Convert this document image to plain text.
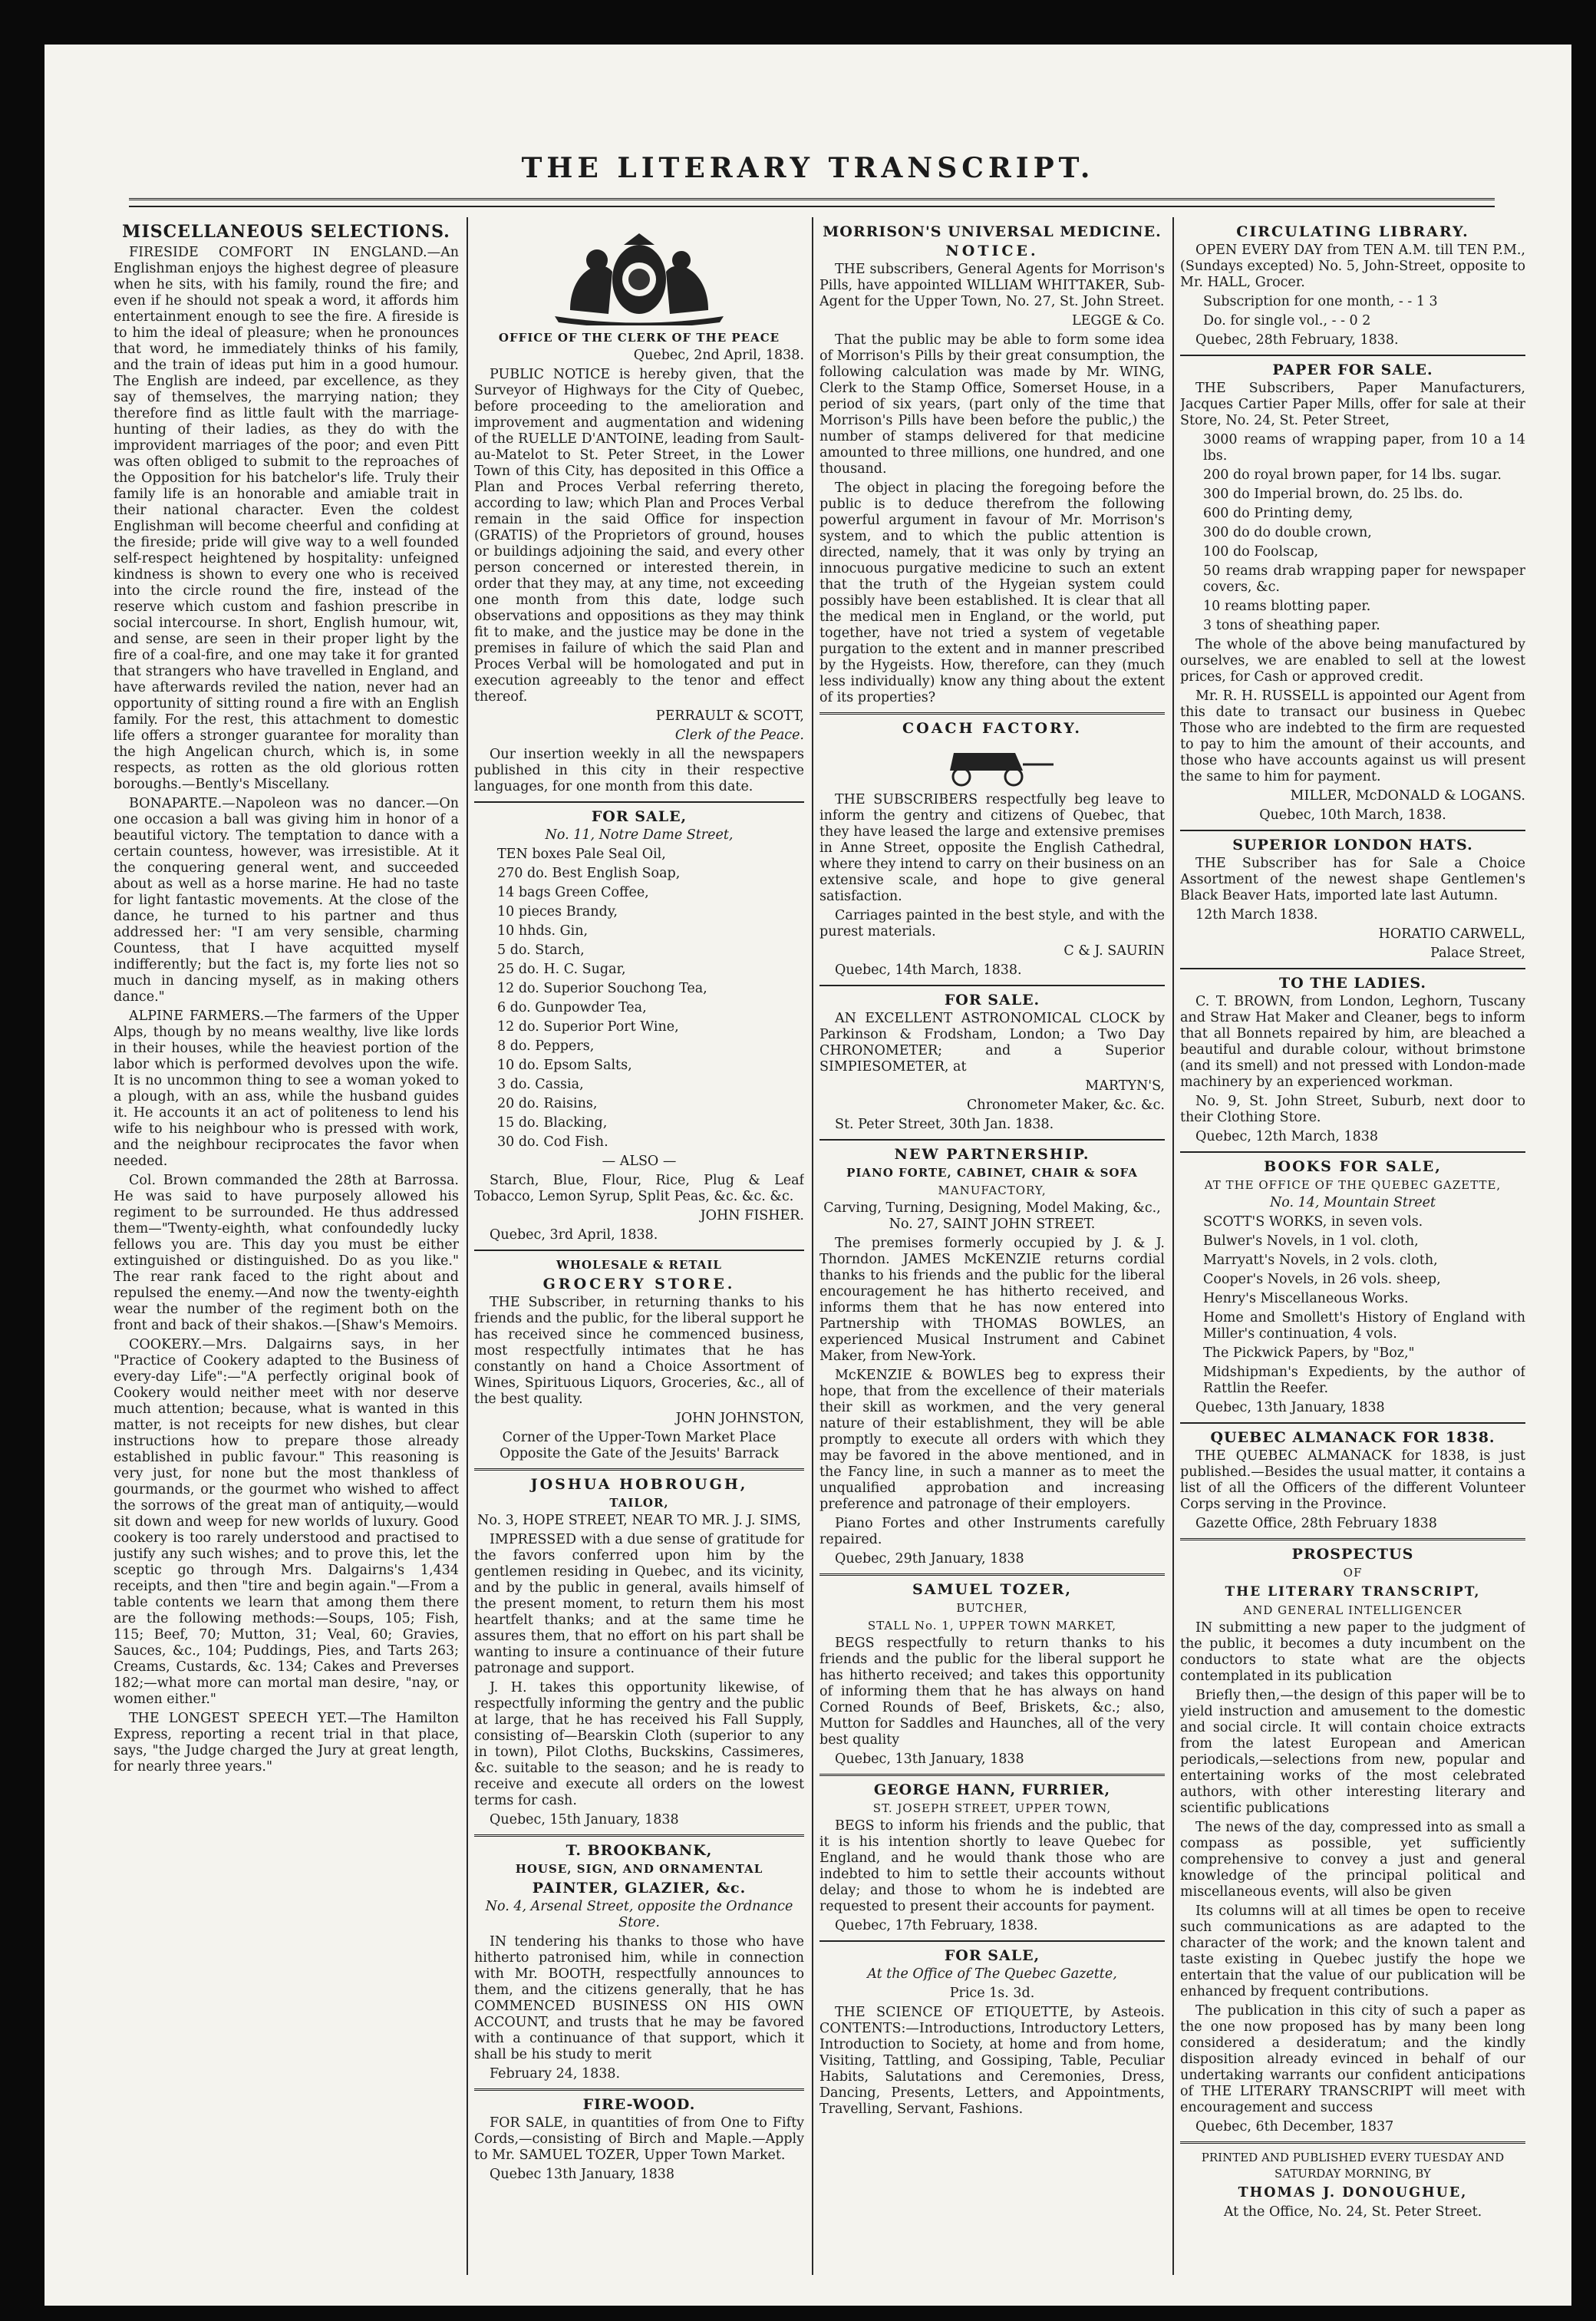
THE LITERARY TRANSCRIPT.
MISCELLANEOUS SELECTIONS.

FIRESIDE COMFORT IN ENGLAND.—An Englishman enjoys the highest degree of pleasure when he sits, with his family, round the fire; and even if he should not speak a word, it affords him entertainment enough to see the fire. A fireside is to him the ideal of pleasure; when he pronounces that word, he immediately thinks of his family, and the train of ideas put him in a good humour. The English are indeed, par excellence, as they say of themselves, the marrying nation; they therefore find as little fault with the marriage-hunting of their ladies, as they do with the improvident marriages of the poor; and even Pitt was often obliged to submit to the reproaches of the Opposition for his batchelor's life. Truly their family life is an honorable and amiable trait in their national character. Even the coldest Englishman will become cheerful and confiding at the fireside; pride will give way to a well founded self-respect heightened by hospitality: unfeigned kindness is shown to every one who is received into the circle round the fire, instead of the reserve which custom and fashion prescribe in social intercourse. In short, English humour, wit, and sense, are seen in their proper light by the fire of a coal-fire, and one may take it for granted that strangers who have travelled in England, and have afterwards reviled the nation, never had an opportunity of sitting round a fire with an English family. For the rest, this attachment to domestic life offers a stronger guarantee for morality than the high Angelican church, which is, in some respects, as rotten as the old glorious rotten boroughs.—Bently's Miscellany.

BONAPARTE.—Napoleon was no dancer.—On one occasion a ball was giving him in honor of a beautiful victory. The temptation to dance with a certain countess, however, was irresistible. At it the conquering general went, and succeeded about as well as a horse marine. He had no taste for light fantastic movements. At the close of the dance, he turned to his partner and thus addressed her: "I am very sensible, charming Countess, that I have acquitted myself indifferently; but the fact is, my forte lies not so much in dancing myself, as in making others dance."

ALPINE FARMERS.—The farmers of the Upper Alps, though by no means wealthy, live like lords in their houses, while the heaviest portion of the labor which is performed devolves upon the wife. It is no uncommon thing to see a woman yoked to a plough, with an ass, while the husband guides it. He accounts it an act of politeness to lend his wife to his neighbour who is pressed with work, and the neighbour reciprocates the favor when needed.

Col. Brown commanded the 28th at Barrossa. He was said to have purposely allowed his regiment to be surrounded. He thus addressed them—"Twenty-eighth, what confoundedly lucky fellows you are. This day you must be either extinguished or distinguished. Do as you like." The rear rank faced to the right about and repulsed the enemy.—And now the twenty-eighth wear the number of the regiment both on the front and back of their shakos.—[Shaw's Memoirs.

COOKERY.—Mrs. Dalgairns says, in her "Practice of Cookery adapted to the Business of every-day Life":—"A perfectly original book of Cookery would neither meet with nor deserve much attention; because, what is wanted in this matter, is not receipts for new dishes, but clear instructions how to prepare those already established in public favour." This reasoning is very just, for none but the most thankless of gourmands, or the gourmet who wished to affect the sorrows of the great man of antiquity,—would sit down and weep for new worlds of luxury. Good cookery is too rarely understood and practised to justify any such wishes; and to prove this, let the sceptic go through Mrs. Dalgairns's 1,434 receipts, and then "tire and begin again."—From a table contents we learn that among them there are the following methods:—Soups, 105; Fish, 115; Beef, 70; Mutton, 31; Veal, 60; Gravies, Sauces, &c., 104; Puddings, Pies, and Tarts 263; Creams, Custards, &c. 134; Cakes and Preverses 182;—what more can mortal man desire, "nay, or women either."

THE LONGEST SPEECH YET.—The Hamilton Express, reporting a recent trial in that place, says, "the Judge charged the Jury at great length, for nearly three years."

OFFICE OF THE CLERK OF THE PEACE

Quebec, 2nd April, 1838.

PUBLIC NOTICE is hereby given, that the Surveyor of Highways for the City of Quebec, before proceeding to the amelioration and improvement and augmentation and widening of the RUELLE D'ANTOINE, leading from Sault-au-Matelot to St. Peter Street, in the Lower Town of this City, has deposited in this Office a Plan and Proces Verbal referring thereto, according to law; which Plan and Proces Verbal remain in the said Office for inspection (GRATIS) of the Proprietors of ground, houses or buildings adjoining the said, and every other person concerned or interested therein, in order that they may, at any time, not exceeding one month from this date, lodge such observations and oppositions as they may think fit to make, and the justice may be done in the premises in failure of which the said Plan and Proces Verbal will be homologated and put in execution agreeably to the tenor and effect thereof.

PERRAULT & SCOTT,

Clerk of the Peace.

Our insertion weekly in all the newspapers published in this city in their respective languages, for one month from this date.

FOR SALE,

No. 11, Notre Dame Street,

TEN boxes Pale Seal Oil,

270 do. Best English Soap,

14 bags Green Coffee,

10 pieces Brandy,

10 hhds. Gin,

5 do. Starch,

25 do. H. C. Sugar,

12 do. Superior Souchong Tea,

6 do. Gunpowder Tea,

12 do. Superior Port Wine,

8 do. Peppers,

10 do. Epsom Salts,

3 do. Cassia,

20 do. Raisins,

15 do. Blacking,

30 do. Cod Fish.

— ALSO —

Starch, Blue, Flour, Rice, Plug & Leaf Tobacco, Lemon Syrup, Split Peas, &c. &c. &c.

JOHN FISHER.

Quebec, 3rd April, 1838.

WHOLESALE & RETAIL
GROCERY STORE.

THE Subscriber, in returning thanks to his friends and the public, for the liberal support he has received since he commenced business, most respectfully intimates that he has constantly on hand a Choice Assortment of Wines, Spirituous Liquors, Groceries, &c., all of the best quality.

JOHN JOHNSTON,

Corner of the Upper-Town Market Place Opposite the Gate of the Jesuits' Barrack

JOSHUA HOBROUGH,
TAILOR,

No. 3, HOPE STREET, NEAR TO MR. J. J. SIMS,

IMPRESSED with a due sense of gratitude for the favors conferred upon him by the gentlemen residing in Quebec, and its vicinity, and by the public in general, avails himself of the present moment, to return them his most heartfelt thanks; and at the same time he assures them, that no effort on his part shall be wanting to insure a continuance of their future patronage and support.

J. H. takes this opportunity likewise, of respectfully informing the gentry and the public at large, that he has received his Fall Supply, consisting of—Bearskin Cloth (superior to any in town), Pilot Cloths, Buckskins, Cassimeres, &c. suitable to the season; and he is ready to receive and execute all orders on the lowest terms for cash.

Quebec, 15th January, 1838

T. BROOKBANK,
HOUSE, SIGN, AND ORNAMENTAL
PAINTER, GLAZIER, &c.

No. 4, Arsenal Street, opposite the Ordnance Store.

IN tendering his thanks to those who have hitherto patronised him, while in connection with Mr. BOOTH, respectfully announces to them, and the citizens generally, that he has COMMENCED BUSINESS ON HIS OWN ACCOUNT, and trusts that he may be favored with a continuance of that support, which it shall be his study to merit

February 24, 1838.

FIRE-WOOD.

FOR SALE, in quantities of from One to Fifty Cords,—consisting of Birch and Maple.—Apply to Mr. SAMUEL TOZER, Upper Town Market.

Quebec 13th January, 1838

MORRISON'S UNIVERSAL MEDICINE.
NOTICE.

THE subscribers, General Agents for Morrison's Pills, have appointed WILLIAM WHITTAKER, Sub-Agent for the Upper Town, No. 27, St. John Street.

LEGGE & Co.

That the public may be able to form some idea of Morrison's Pills by their great consumption, the following calculation was made by Mr. WING, Clerk to the Stamp Office, Somerset House, in a period of six years, (part only of the time that Morrison's Pills have been before the public,) the number of stamps delivered for that medicine amounted to three millions, one hundred, and one thousand.

The object in placing the foregoing before the public is to deduce therefrom the following powerful argument in favour of Mr. Morrison's system, and to which the public attention is directed, namely, that it was only by trying an innocuous purgative medicine to such an extent that the truth of the Hygeian system could possibly have been established. It is clear that all the medical men in England, or the world, put together, have not tried a system of vegetable purgation to the extent and in manner prescribed by the Hygeists. How, therefore, can they (much less individually) know any thing about the extent of its properties?

COACH FACTORY.

THE SUBSCRIBERS respectfully beg leave to inform the gentry and citizens of Quebec, that they have leased the large and extensive premises in Anne Street, opposite the English Cathedral, where they intend to carry on their business on an extensive scale, and hope to give general satisfaction.

Carriages painted in the best style, and with the purest materials.

C & J. SAURIN

Quebec, 14th March, 1838.

FOR SALE.

AN EXCELLENT ASTRONOMICAL CLOCK by Parkinson & Frodsham, London; a Two Day CHRONOMETER; and a Superior SIMPIESOMETER, at

MARTYN'S,

Chronometer Maker, &c. &c.

St. Peter Street, 30th Jan. 1838.

NEW PARTNERSHIP.
PIANO FORTE, CABINET, CHAIR & SOFA
MANUFACTORY,

Carving, Turning, Designing, Model Making, &c., No. 27, SAINT JOHN STREET.

The premises formerly occupied by J. & J. Thorndon. JAMES McKENZIE returns cordial thanks to his friends and the public for the liberal encouragement he has hitherto received, and informs them that he has now entered into Partnership with THOMAS BOWLES, an experienced Musical Instrument and Cabinet Maker, from New-York.

McKENZIE & BOWLES beg to express their hope, that from the excellence of their materials their skill as workmen, and the very general nature of their establishment, they will be able promptly to execute all orders with which they may be favored in the above mentioned, and in the Fancy line, in such a manner as to meet the unqualified approbation and increasing preference and patronage of their employers.

Piano Fortes and other Instruments carefully repaired.

Quebec, 29th January, 1838

SAMUEL TOZER,
BUTCHER,
STALL No. 1, UPPER TOWN MARKET,

BEGS respectfully to return thanks to his friends and the public for the liberal support he has hitherto received; and takes this opportunity of informing them that he has always on hand Corned Rounds of Beef, Briskets, &c.; also, Mutton for Saddles and Haunches, all of the very best quality

Quebec, 13th January, 1838

GEORGE HANN, FURRIER,
ST. JOSEPH STREET, UPPER TOWN,

BEGS to inform his friends and the public, that it is his intention shortly to leave Quebec for England, and he would thank those who are indebted to him to settle their accounts without delay; and those to whom he is indebted are requested to present their accounts for payment.

Quebec, 17th February, 1838.

FOR SALE,

At the Office of The Quebec Gazette,

Price 1s. 3d.

THE SCIENCE OF ETIQUETTE, by Asteois. CONTENTS:—Introductions, Introductory Letters, Introduction to Society, at home and from home, Visiting, Tattling, and Gossiping, Table, Peculiar Habits, Salutations and Ceremonies, Dress, Dancing, Presents, Letters, and Appointments, Travelling, Servant, Fashions.

CIRCULATING LIBRARY.

OPEN EVERY DAY from TEN A.M. till TEN P.M., (Sundays excepted) No. 5, John-Street, opposite to Mr. HALL, Grocer.

Subscription for one month, - - 1 3

Do. for single vol., - - 0 2

Quebec, 28th February, 1838.

PAPER FOR SALE.

THE Subscribers, Paper Manufacturers, Jacques Cartier Paper Mills, offer for sale at their Store, No. 24, St. Peter Street,

3000 reams of wrapping paper, from 10 a 14 lbs.

200 do royal brown paper, for 14 lbs. sugar.

300 do Imperial brown, do. 25 lbs. do.

600 do Printing demy,

300 do do double crown,

100 do Foolscap,

50 reams drab wrapping paper for newspaper covers, &c.

10 reams blotting paper.

3 tons of sheathing paper.

The whole of the above being manufactured by ourselves, we are enabled to sell at the lowest prices, for Cash or approved credit.

Mr. R. H. RUSSELL is appointed our Agent from this date to transact our business in Quebec Those who are indebted to the firm are requested to pay to him the amount of their accounts, and those who have accounts against us will present the same to him for payment.

MILLER, McDONALD & LOGANS.

Quebec, 10th March, 1838.

SUPERIOR LONDON HATS.

THE Subscriber has for Sale a Choice Assortment of the newest shape Gentlemen's Black Beaver Hats, imported late last Autumn.

12th March 1838.

HORATIO CARWELL,

Palace Street,

TO THE LADIES.

C. T. BROWN, from London, Leghorn, Tuscany and Straw Hat Maker and Cleaner, begs to inform that all Bonnets repaired by him, are bleached a beautiful and durable colour, without brimstone (and its smell) and not pressed with London-made machinery by an experienced workman.

No. 9, St. John Street, Suburb, next door to their Clothing Store.

Quebec, 12th March, 1838

BOOKS FOR SALE,
AT THE OFFICE OF THE QUEBEC GAZETTE,

No. 14, Mountain Street

SCOTT'S WORKS, in seven vols.

Bulwer's Novels, in 1 vol. cloth,

Marryatt's Novels, in 2 vols. cloth,

Cooper's Novels, in 26 vols. sheep,

Henry's Miscellaneous Works.

Home and Smollett's History of England with Miller's continuation, 4 vols.

The Pickwick Papers, by "Boz,"

Midshipman's Expedients, by the author of Rattlin the Reefer.

Quebec, 13th January, 1838

QUEBEC ALMANACK FOR 1838.

THE QUEBEC ALMANACK for 1838, is just published.—Besides the usual matter, it contains a list of all the Officers of the different Volunteer Corps serving in the Province.

Gazette Office, 28th February 1838

PROSPECTUS
OF
THE LITERARY TRANSCRIPT,
AND GENERAL INTELLIGENCER

IN submitting a new paper to the judgment of the public, it becomes a duty incumbent on the conductors to state what are the objects contemplated in its publication

Briefly then,—the design of this paper will be to yield instruction and amusement to the domestic and social circle. It will contain choice extracts from the latest European and American periodicals,—selections from new, popular and entertaining works of the most celebrated authors, with other interesting literary and scientific publications

The news of the day, compressed into as small a compass as possible, yet sufficiently comprehensive to convey a just and general knowledge of the principal political and miscellaneous events, will also be given

Its columns will at all times be open to receive such communications as are adapted to the character of the work; and the known talent and taste existing in Quebec justify the hope we entertain that the value of our publication will be enhanced by frequent contributions.

The publication in this city of such a paper as the one now proposed has by many been long considered a desideratum; and the kindly disposition already evinced in behalf of our undertaking warrants our confident anticipations of THE LITERARY TRANSCRIPT will meet with encouragement and success

Quebec, 6th December, 1837

PRINTED AND PUBLISHED EVERY TUESDAY AND SATURDAY MORNING, BY

THOMAS J. DONOUGHUE,

At the Office, No. 24, St. Peter Street.
